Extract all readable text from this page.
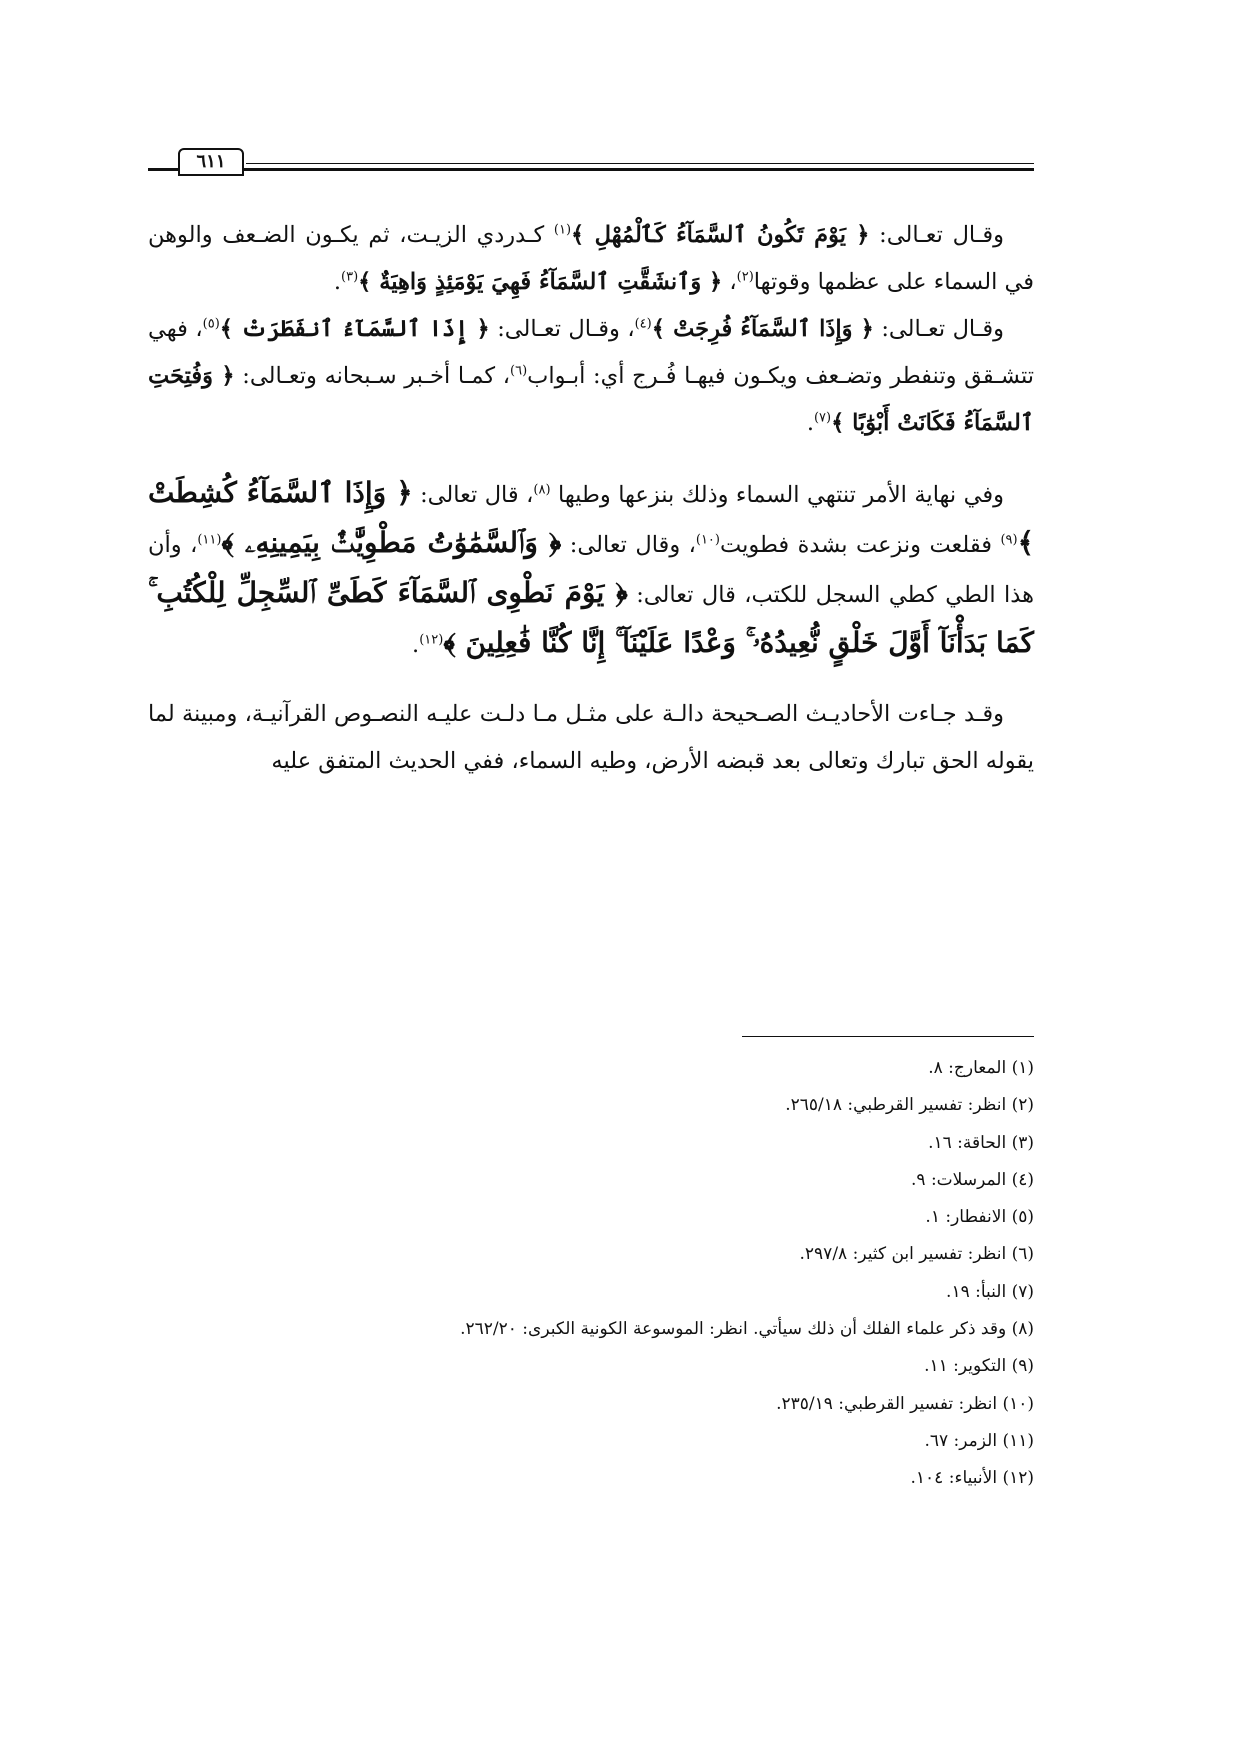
٦١١

وقـال تعـالى: ﴿ يَوْمَ تَكُونُ ٱلسَّمَآءُ كَٱلْمُهْلِ ﴾$^{(١)}$ كـدردي الزيـت، ثم يكـون الضـعف والوهن في السماء على عظمها وقوتها$^{(٢)}$، ﴿ وَٱنشَقَّتِ ٱلسَّمَآءُ فَهِيَ يَوْمَئِذٍ وَاهِيَةٌ ﴾$^{(٣)}$.

وقـال تعـالى: ﴿ وَإِذَا ٱلسَّمَآءُ فُرِجَتْ ﴾$^{(٤)}$، وقـال تعـالى: ﴿ إِذَا ٱلسَّمَآءُ ٱنفَطَرَتْ ﴾$^{(٥)}$، فهي تتشـقق وتنفطر وتضـعف ويكـون فيهـا فُـرج أي: أبـواب$^{(٦)}$، كمـا أخـبر سـبحانه وتعـالى: ﴿ وَفُتِحَتِ ٱلسَّمَآءُ فَكَانَتْ أَبْوَٰبًا ﴾$^{(٧)}$.

وفي نهاية الأمر تنتهي السماء وذلك بنزعها وطيها $^{(٨)}$، قال تعالى: ﴿ وَإِذَا ٱلسَّمَآءُ كُشِطَتْ ﴾$^{(٩)}$ فقلعت ونزعت بشدة فطويت$^{(١٠)}$، وقال تعالى: ﴿ وَٱلسَّمَٰوَٰتُ مَطْوِيَّٰتٌۢ بِيَمِينِهِۦ ﴾$^{(١١)}$، وأن هذا الطي كطي السجل للكتب، قال تعالى: ﴿ يَوْمَ نَطْوِى ٱلسَّمَآءَ كَطَىِّ ٱلسِّجِلِّ لِلْكُتُبِ ۚ كَمَا بَدَأْنَآ أَوَّلَ خَلْقٍ نُّعِيدُهُۥ ۚ وَعْدًا عَلَيْنَآ ۚ إِنَّا كُنَّا فَٰعِلِينَ ﴾$^{(١٢)}$.

وقـد جـاءت الأحاديـث الصـحيحة دالـة على مثـل مـا دلـت عليـه النصـوص القرآنيـة، ومبينة لما يقوله الحق تبارك وتعالى بعد قبضه الأرض، وطيه السماء، ففي الحديث المتفق عليه

(١) المعارج: ٨.
(٢) انظر: تفسير القرطبي: ٢٦٥/١٨.
(٣) الحاقة: ١٦.
(٤) المرسلات: ٩.
(٥) الانفطار: ١.
(٦) انظر: تفسير ابن كثير: ٢٩٧/٨.
(٧) النبأ: ١٩.
(٨) وقد ذكر علماء الفلك أن ذلك سيأتي. انظر: الموسوعة الكونية الكبرى: ٢٦٢/٢٠.
(٩) التكوير: ١١.
(١٠) انظر: تفسير القرطبي: ٢٣٥/١٩.
(١١) الزمر: ٦٧.
(١٢) الأنبياء: ١٠٤.
